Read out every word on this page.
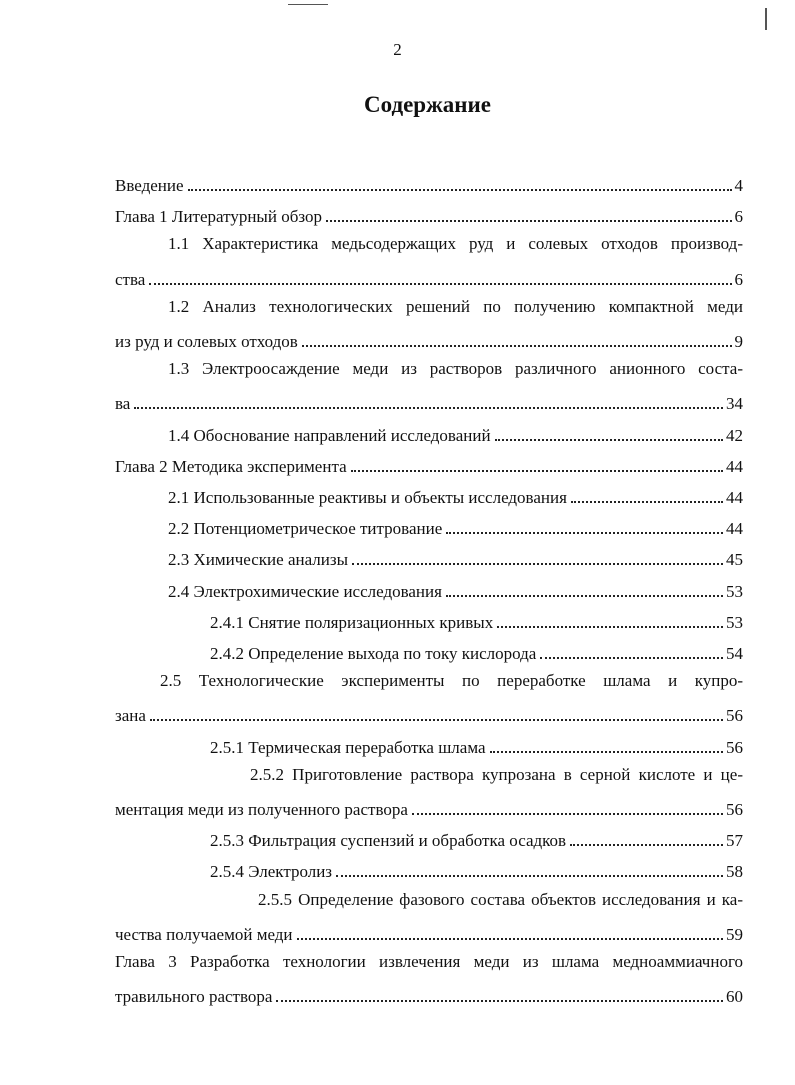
2
Содержание
Введение	4
Глава 1 Литературный обзор	6
1.1 Характеристика медьсодержащих руд и солевых отходов производ-
ства	6
1.2 Анализ технологических решений по получению компактной меди
из руд и солевых отходов	9
1.3 Электроосаждение меди из растворов различного анионного соста-
ва	34
1.4 Обоснование направлений исследований	42
Глава 2 Методика эксперимента	44
2.1 Использованные реактивы и объекты исследования	44
2.2 Потенциометрическое титрование	44
2.3 Химические анализы	45
2.4 Электрохимические исследования	53
2.4.1 Снятие поляризационных кривых	53
2.4.2 Определение выхода по току кислорода	54
2.5 Технологические эксперименты по переработке шлама и купро-
зана	56
2.5.1 Термическая переработка шлама	56
2.5.2 Приготовление раствора купрозана в серной кислоте и це-
ментация меди из полученного раствора	56
2.5.3 Фильтрация суспензий и обработка осадков	57
2.5.4 Электролиз	58
2.5.5 Определение фазового состава объектов исследования и ка-
чества получаемой меди	59
Глава 3 Разработка технологии извлечения меди из шлама медноаммиачного
травильного раствора	60
